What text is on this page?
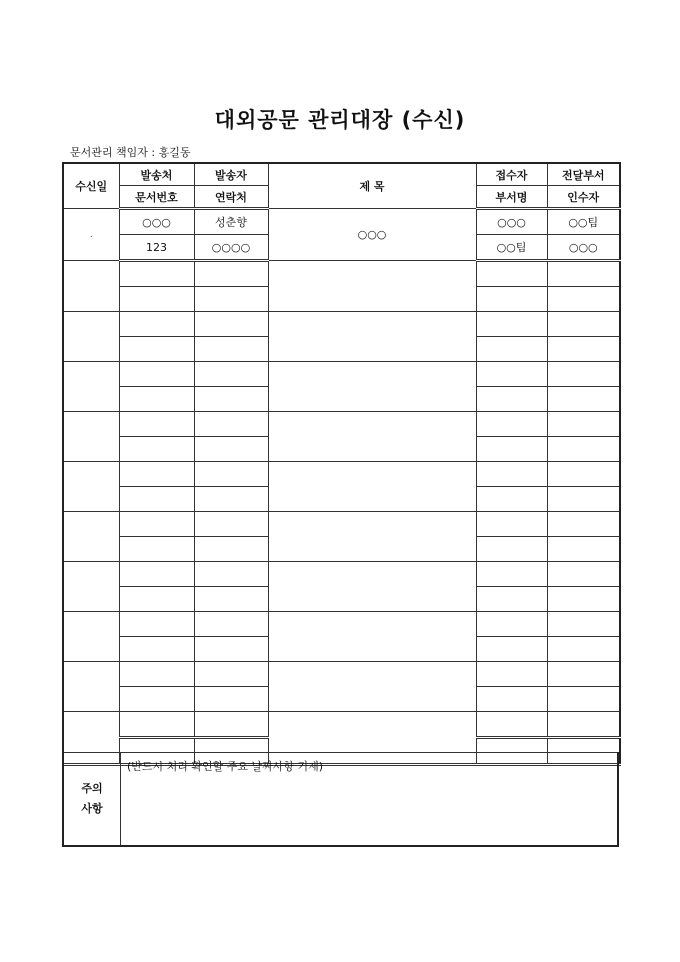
대외공문 관리대장 (수신)
문서관리 책임자 : 홍길동
수신일	발송처	발송자	제 목	접수자	전달부서
	문서번호	연락처		부서명	인수자
.	○○○	성춘향	○○○	○○○	○○팀
	123	○○○○		○○팀	○○○

주의
사항	(반드시 처리 확인할 주요 날짜사항 기재)
